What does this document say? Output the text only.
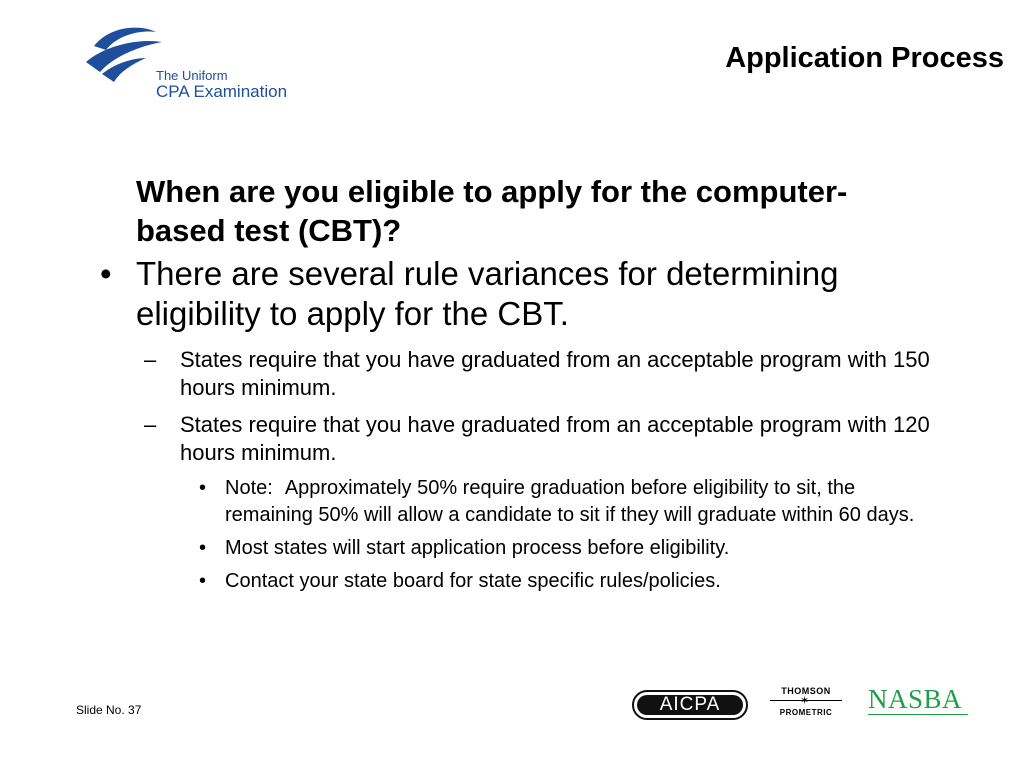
The Uniform
CPA Examination
Application Process
When are you eligible to apply for the computer-based test (CBT)?
• There are several rule variances for determining eligibility to apply for the CBT.
– States require that you have graduated from an acceptable program with 150 hours minimum.
– States require that you have graduated from an acceptable program with 120 hours minimum.
• Note: Approximately 50% require graduation before eligibility to sit, the remaining 50% will allow a candidate to sit if they will graduate within 60 days.
• Most states will start application process before eligibility.
• Contact your state board for state specific rules/policies.
Slide No. 37	AICPA
THOMSON
✶
PROMETRIC	NASBA
